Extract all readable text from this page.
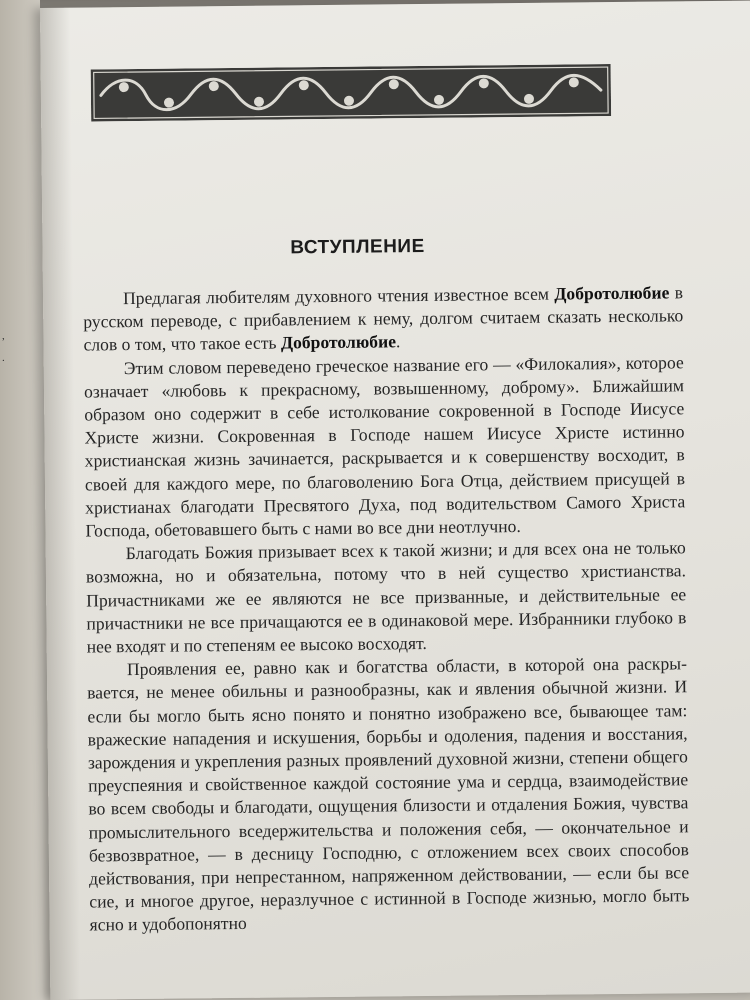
,
.
ВСТУПЛЕНИЕ

Предлагая любителям духовного чтения известное всем Добротолюбие в русском переводе, с прибавлением к нему, долгом считаем сказать несколько слов о том, что такое есть Добротолюбие.

Этим словом переведено греческое название его — «Филокалия», которое означает «любовь к прекрасному, возвышенному, доброму». Ближайшим образом оно содержит в себе истолкование сокровенной в Господе Иисусе Христе жизни. Сокровенная в Господе нашем Иисусе Христе истинно христианская жизнь зачинается, раскрывается и к совершенству восходит, в своей для каждого мере, по благоволению Бога Отца, действием присущей в христианах благодати Пресвятого Духа, под водительством Самого Христа Господа, обетовавшего быть с нами во все дни неотлучно.

Благодать Божия призывает всех к такой жизни; и для всех она не только возможна, но и обязательна, потому что в ней существо христианства. Причастниками же ее являются не все призванные, и действительные ее причастники не все причащаются ее в одинаковой мере. Избранники глубоко в нее входят и по степеням ее высоко восходят.

Проявления ее, равно как и богатства области, в которой она раскрывается, не менее обильны и разнообразны, как и явления обычной жизни. И если бы могло быть ясно понято и понятно изображено все, бывающее там: вражеские нападения и искушения, борьбы и одоления, падения и восстания, зарождения и укрепления разных проявлений духовной жизни, степени общего преуспеяния и свойственное каждой состояние ума и сердца, взаимодействие во всем свободы и благодати, ощущения близости и отдаления Божия, чувства промыслительного вседержительства и положения себя, — окончательное и безвозвратное, — в десницу Господню, с отложением всех своих способов действования, при непрестанном, напряженном действовании, — если бы все сие, и многое другое, неразлучное с истинной в Господе жизнью, могло быть ясно и удобопонятно
